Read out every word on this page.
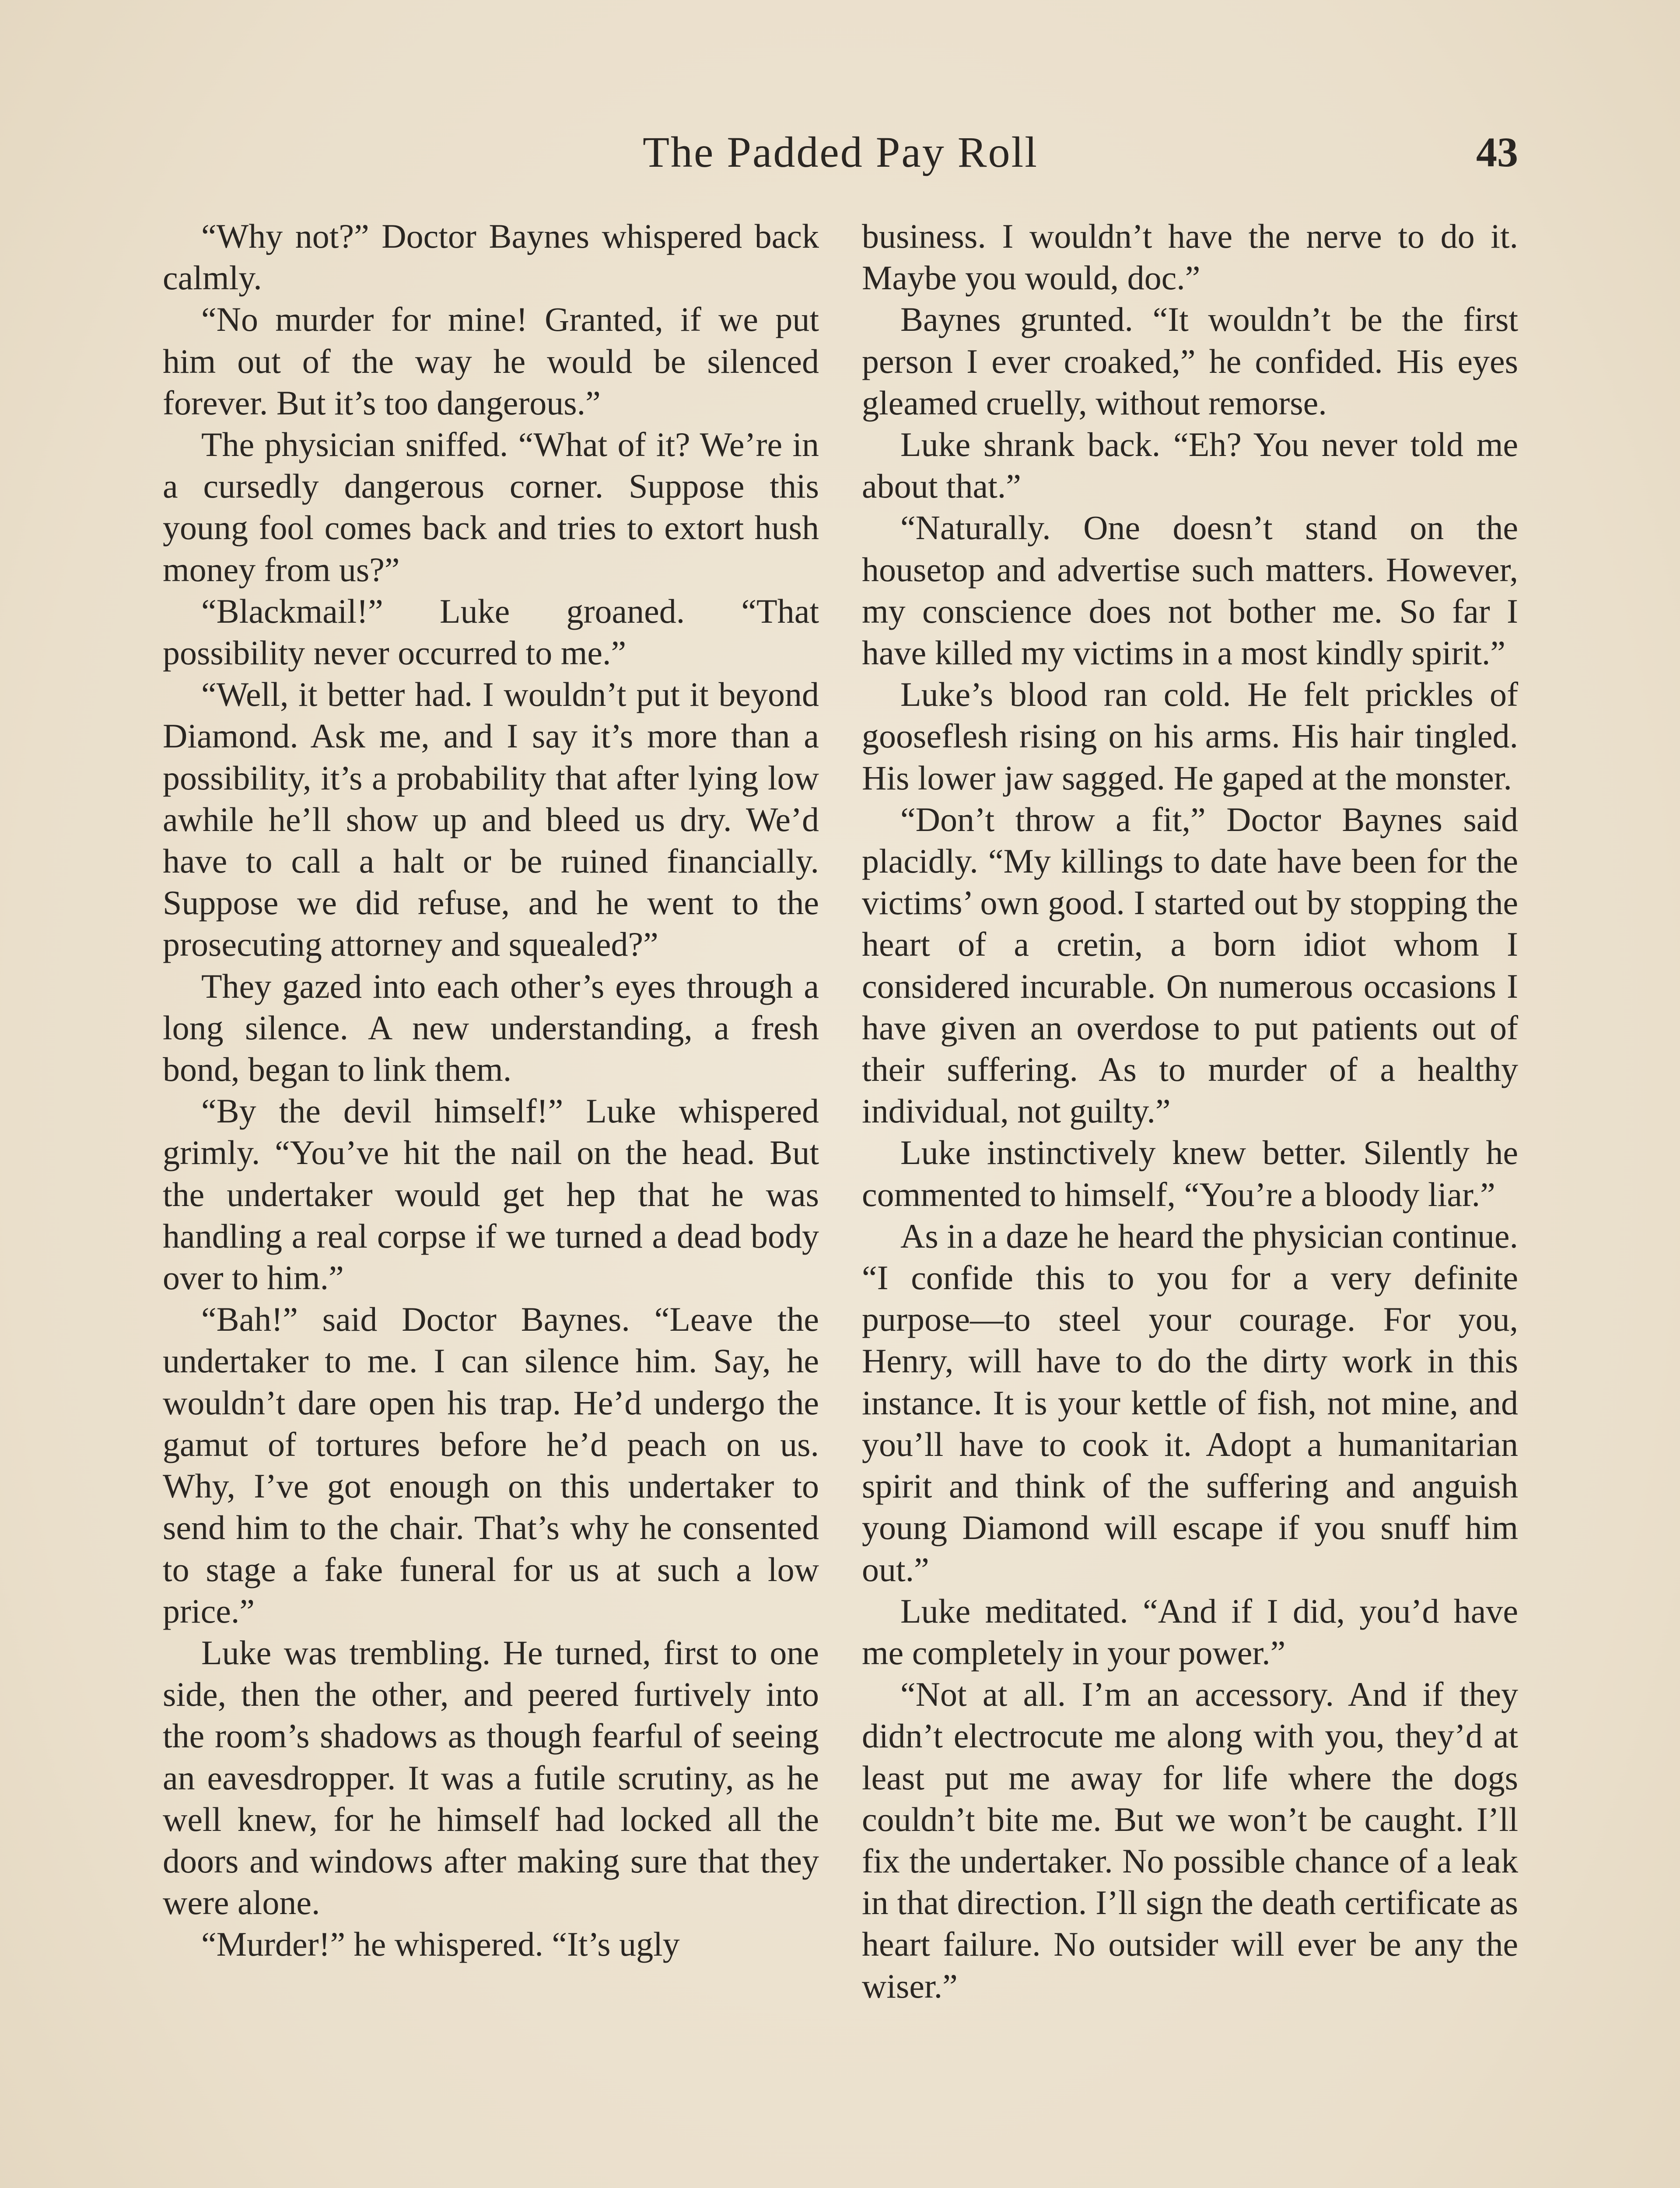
The Padded Pay Roll	43

“Why not?” Doctor Baynes whispered back calmly.

“No murder for mine! Granted, if we put him out of the way he would be silenced forever. But it’s too dangerous.”

The physician sniffed. “What of it? We’re in a cursedly dangerous corner. Suppose this young fool comes back and tries to extort hush money from us?”

“Blackmail!” Luke groaned. “That possibility never occurred to me.”

“Well, it better had. I wouldn’t put it beyond Diamond. Ask me, and I say it’s more than a possibility, it’s a probability that after lying low awhile he’ll show up and bleed us dry. We’d have to call a halt or be ruined financially. Suppose we did refuse, and he went to the prosecuting attorney and squealed?”

They gazed into each other’s eyes through a long silence. A new understanding, a fresh bond, began to link them.

“By the devil himself!” Luke whispered grimly. “You’ve hit the nail on the head. But the undertaker would get hep that he was handling a real corpse if we turned a dead body over to him.”

“Bah!” said Doctor Baynes. “Leave the undertaker to me. I can silence him. Say, he wouldn’t dare open his trap. He’d undergo the gamut of tortures before he’d peach on us. Why, I’ve got enough on this undertaker to send him to the chair. That’s why he consented to stage a fake funeral for us at such a low price.”

Luke was trembling. He turned, first to one side, then the other, and peered furtively into the room’s shadows as though fearful of seeing an eavesdropper. It was a futile scrutiny, as he well knew, for he himself had locked all the doors and windows after making sure that they were alone.

“Murder!” he whispered. “It’s ugly

business. I wouldn’t have the nerve to do it. Maybe you would, doc.”

Baynes grunted. “It wouldn’t be the first person I ever croaked,” he confided. His eyes gleamed cruelly, without remorse.

Luke shrank back. “Eh? You never told me about that.”

“Naturally. One doesn’t stand on the housetop and advertise such matters. However, my conscience does not bother me. So far I have killed my victims in a most kindly spirit.”

Luke’s blood ran cold. He felt prickles of gooseflesh rising on his arms. His hair tingled. His lower jaw sagged. He gaped at the monster.

“Don’t throw a fit,” Doctor Baynes said placidly. “My killings to date have been for the victims’ own good. I started out by stopping the heart of a cretin, a born idiot whom I considered incurable. On numerous occasions I have given an overdose to put patients out of their suffering. As to murder of a healthy individual, not guilty.”

Luke instinctively knew better. Silently he commented to himself, “You’re a bloody liar.”

As in a daze he heard the physician continue. “I confide this to you for a very definite purpose—to steel your courage. For you, Henry, will have to do the dirty work in this instance. It is your kettle of fish, not mine, and you’ll have to cook it. Adopt a humanitarian spirit and think of the suffering and anguish young Diamond will escape if you snuff him out.”

Luke meditated. “And if I did, you’d have me completely in your power.”

“Not at all. I’m an accessory. And if they didn’t electrocute me along with you, they’d at least put me away for life where the dogs couldn’t bite me. But we won’t be caught. I’ll fix the undertaker. No possible chance of a leak in that direction. I’ll sign the death certificate as heart failure. No outsider will ever be any the wiser.”
